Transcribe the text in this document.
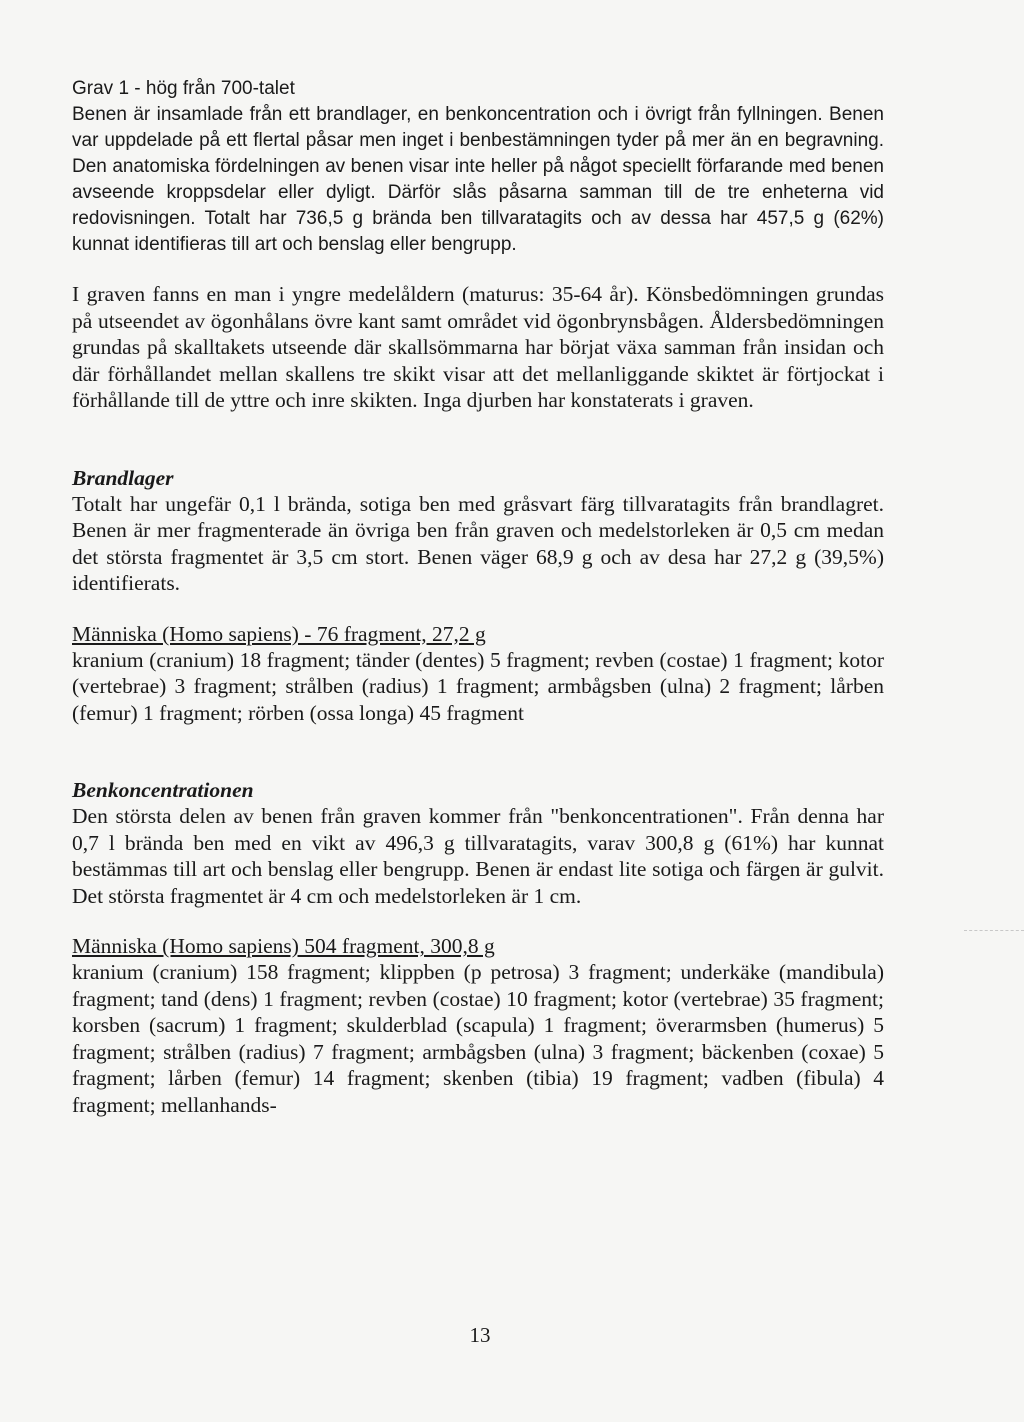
Grav 1 - hög från 700-talet

Benen är insamlade från ett brandlager, en benkoncentration och i övrigt från fyllningen. Benen var uppdelade på ett flertal påsar men inget i benbestämningen tyder på mer än en begravning. Den anatomiska fördelningen av benen visar inte heller på något speciellt förfarande med benen avseende kroppsdelar eller dyligt. Därför slås påsarna samman till de tre enheterna vid redovisningen. Totalt har 736,5 g brända ben tillvaratagits och av dessa har 457,5 g (62%) kunnat identifieras till art och benslag eller bengrupp.

I graven fanns en man i yngre medelåldern (maturus: 35-64 år). Könsbedömningen grundas på utseendet av ögonhålans övre kant samt området vid ögonbrynsbågen. Åldersbedömningen grundas på skalltakets utseende där skallsömmarna har börjat växa samman från insidan och där förhållandet mellan skallens tre skikt visar att det mellanliggande skiktet är förtjockat i förhållande till de yttre och inre skikten. Inga djurben har konstaterats i graven.

Brandlager

Totalt har ungefär 0,1 l brända, sotiga ben med gråsvart färg tillvaratagits från brandlagret. Benen är mer fragmenterade än övriga ben från graven och medelstorleken är 0,5 cm medan det största fragmentet är 3,5 cm stort. Benen väger 68,9 g och av desa har 27,2 g (39,5%) identifierats.

Människa (Homo sapiens) - 76 fragment, 27,2 g

kranium (cranium) 18 fragment; tänder (dentes) 5 fragment; revben (costae) 1 fragment; kotor (vertebrae) 3 fragment; strålben (radius) 1 fragment; armbågsben (ulna) 2 fragment; lårben (femur) 1 fragment; rörben (ossa longa) 45 fragment

Benkoncentrationen

Den största delen av benen från graven kommer från "benkoncentrationen". Från denna har 0,7 l brända ben med en vikt av 496,3 g tillvaratagits, varav 300,8 g (61%) har kunnat bestämmas till art och benslag eller bengrupp. Benen är endast lite sotiga och färgen är gulvit. Det största fragmentet är 4 cm och medelstorleken är 1 cm.

Människa (Homo sapiens) 504 fragment, 300,8 g

kranium (cranium) 158 fragment; klippben (p petrosa) 3 fragment; underkäke (mandibula) fragment; tand (dens) 1 fragment; revben (costae) 10 fragment; kotor (vertebrae) 35 fragment; korsben (sacrum) 1 fragment; skulderblad (scapula) 1 fragment; överarmsben (humerus) 5 fragment; strålben (radius) 7 fragment; armbågsben (ulna) 3 fragment; bäckenben (coxae) 5 fragment; lårben (femur) 14 fragment; skenben (tibia) 19 fragment; vadben (fibula) 4 fragment; mellanhands-

13
